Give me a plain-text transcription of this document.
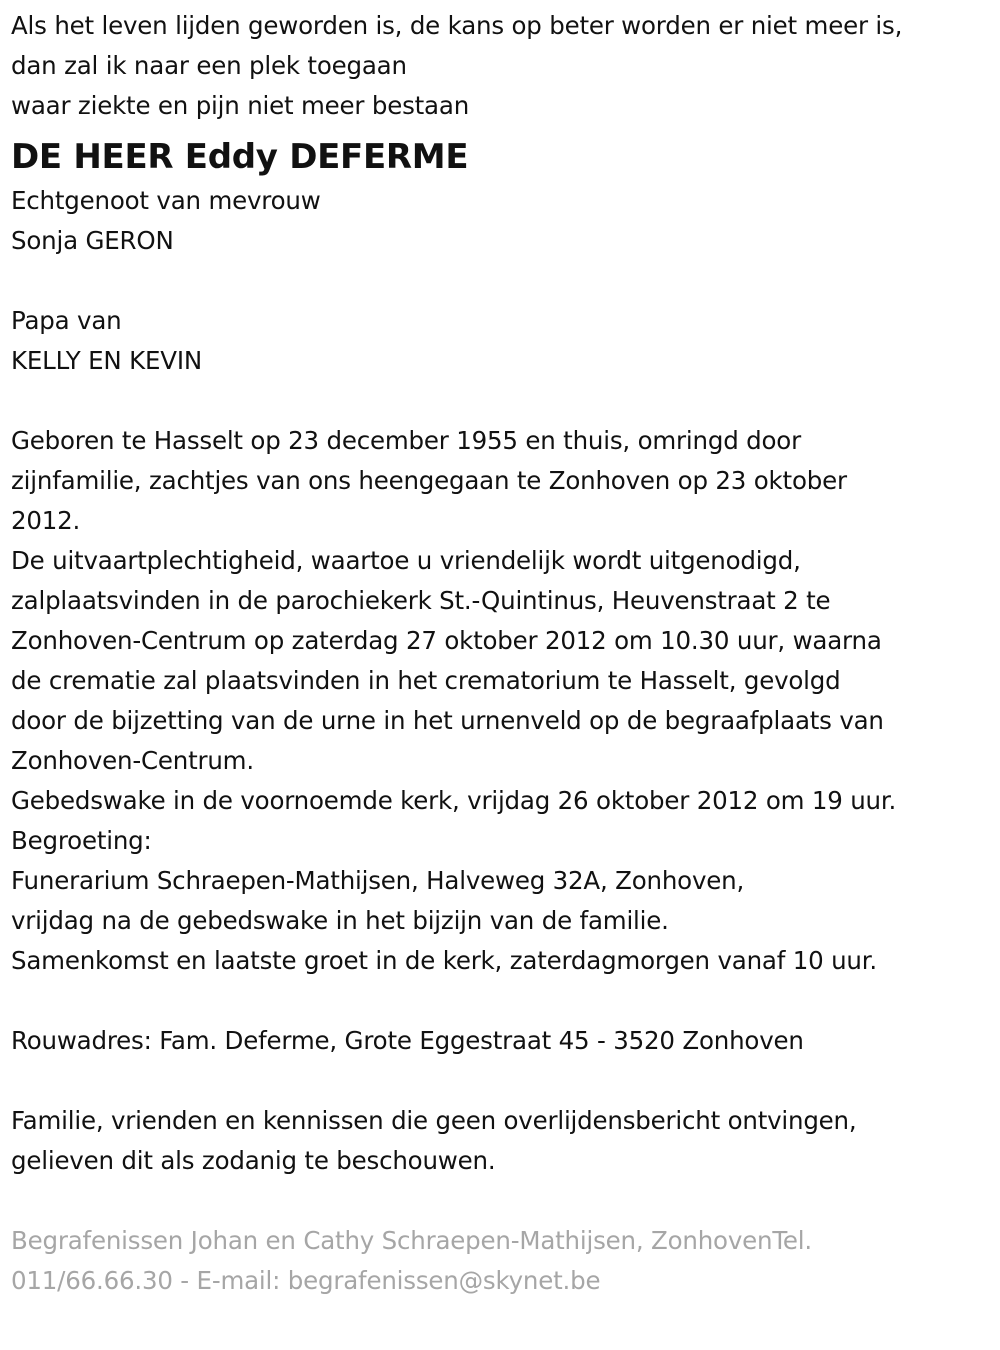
Als het leven lijden geworden is, de kans op beter worden er niet meer is,
dan zal ik naar een plek toegaan
waar ziekte en pijn niet meer bestaan
DE HEER Eddy DEFERME
Echtgenoot van mevrouw
Sonja GERON
Papa van
KELLY EN KEVIN
Geboren te Hasselt op 23 december 1955 en thuis, omringd door
zijnfamilie, zachtjes van ons heengegaan te Zonhoven op 23 oktober
2012.
De uitvaartplechtigheid, waartoe u vriendelijk wordt uitgenodigd,
zalplaatsvinden in de parochiekerk St.-Quintinus, Heuvenstraat 2 te
Zonhoven-Centrum op zaterdag 27 oktober 2012 om 10.30 uur, waarna
de crematie zal plaatsvinden in het crematorium te Hasselt, gevolgd
door de bijzetting van de urne in het urnenveld op de begraafplaats van
Zonhoven-Centrum.
Gebedswake in de voornoemde kerk, vrijdag 26 oktober 2012 om 19 uur.
Begroeting:
Funerarium Schraepen-Mathijsen, Halveweg 32A, Zonhoven,
vrijdag na de gebedswake in het bijzijn van de familie.
Samenkomst en laatste groet in de kerk, zaterdagmorgen vanaf 10 uur.
Rouwadres: Fam. Deferme, Grote Eggestraat 45 - 3520 Zonhoven
Familie, vrienden en kennissen die geen overlijdensbericht ontvingen,
gelieven dit als zodanig te beschouwen.
Begrafenissen Johan en Cathy Schraepen-Mathijsen, ZonhovenTel.
011/66.66.30 - E-mail: begrafenissen@skynet.be
